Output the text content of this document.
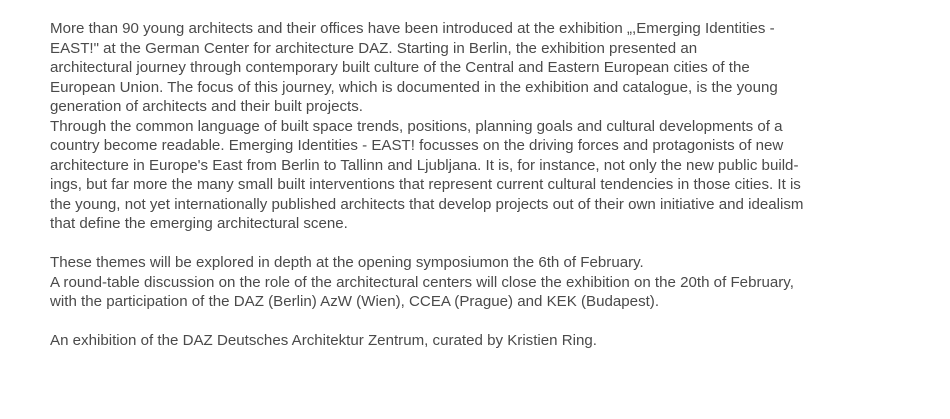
More than 90 young architects and their offices have been introduced at the exhibition „,Emerging Identities -
EAST!" at the German Center for architecture DAZ. Starting in Berlin, the exhibition presented an
architectural journey through contemporary built culture of the Central and Eastern European cities of the
European Union. The focus of this journey, which is documented in the exhibition and catalogue, is the young
generation of architects and their built projects.
Through the common language of built space trends, positions, planning goals and cultural developments of a
country become readable. Emerging Identities - EAST! focusses on the driving forces and protagonists of new
architecture in Europe's East from Berlin to Tallinn and Ljubljana. It is, for instance, not only the new public build-
ings, but far more the many small built interventions that represent current cultural tendencies in those cities. It is
the young, not yet internationally published architects that develop projects out of their own initiative and idealism
that define the emerging architectural scene.
These themes will be explored in depth at the opening symposiumon the 6th of February.
A round-table discussion on the role of the architectural centers will close the exhibition on the 20th of February,
with the participation of the DAZ (Berlin) AzW (Wien), CCEA (Prague) and KEK (Budapest).
An exhibition of the DAZ Deutsches Architektur Zentrum, curated by Kristien Ring.
